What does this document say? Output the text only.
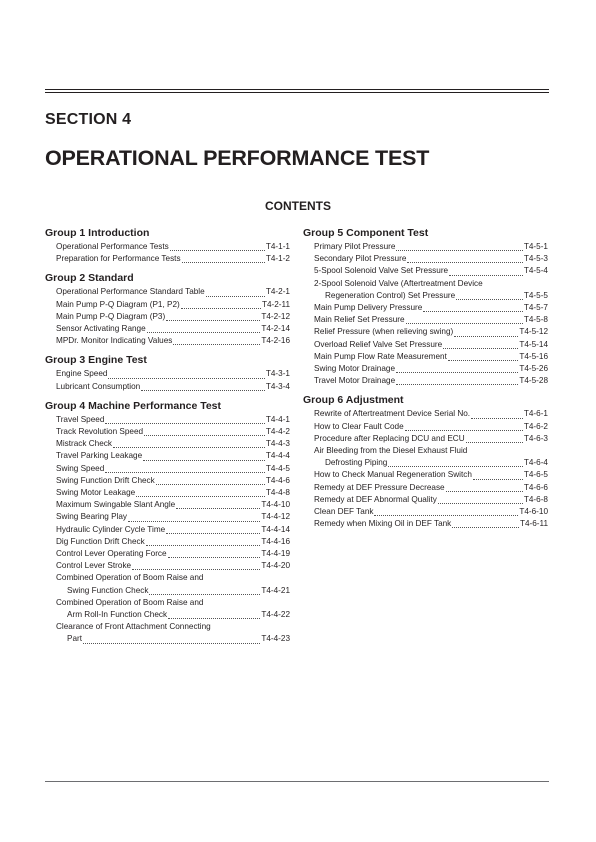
SECTION 4
OPERATIONAL PERFORMANCE TEST
CONTENTS
Group 1 Introduction
Operational Performance Tests	T4-1-1
Preparation for Performance Tests	T4-1-2
Group 2 Standard
Operational Performance Standard Table	T4-2-1
Main Pump P-Q Diagram (P1, P2)	T4-2-11
Main Pump P-Q Diagram (P3)	T4-2-12
Sensor Activating Range	T4-2-14
MPDr. Monitor Indicating Values	T4-2-16
Group 3 Engine Test
Engine Speed	T4-3-1
Lubricant Consumption	T4-3-4
Group 4 Machine Performance Test
Travel Speed	T4-4-1
Track Revolution Speed	T4-4-2
Mistrack Check	T4-4-3
Travel Parking Leakage	T4-4-4
Swing Speed	T4-4-5
Swing Function Drift Check	T4-4-6
Swing Motor Leakage	T4-4-8
Maximum Swingable Slant Angle	T4-4-10
Swing Bearing Play	T4-4-12
Hydraulic Cylinder Cycle Time	T4-4-14
Dig Function Drift Check	T4-4-16
Control Lever Operating Force	T4-4-19
Control Lever Stroke	T4-4-20
Combined Operation of Boom Raise and
Swing Function Check	T4-4-21
Combined Operation of Boom Raise and
Arm Roll-In Function Check	T4-4-22
Clearance of Front Attachment Connecting
Part	T4-4-23
Group 5 Component Test
Primary Pilot Pressure	T4-5-1
Secondary Pilot Pressure	T4-5-3
5-Spool Solenoid Valve Set Pressure	T4-5-4
2-Spool Solenoid Valve (Aftertreatment Device
Regeneration Control) Set Pressure	T4-5-5
Main Pump Delivery Pressure	T4-5-7
Main Relief Set Pressure	T4-5-8
Relief Pressure (when relieving swing)	T4-5-12
Overload Relief Valve Set Pressure	T4-5-14
Main Pump Flow Rate Measurement	T4-5-16
Swing Motor Drainage	T4-5-26
Travel Motor Drainage	T4-5-28
Group 6 Adjustment
Rewrite of Aftertreatment Device Serial No.	T4-6-1
How to Clear Fault Code	T4-6-2
Procedure after Replacing DCU and ECU	T4-6-3
Air Bleeding from the Diesel Exhaust Fluid
Defrosting Piping	T4-6-4
How to Check Manual Regeneration Switch	T4-6-5
Remedy at DEF Pressure Decrease	T4-6-6
Remedy at DEF Abnormal Quality	T4-6-8
Clean DEF Tank	T4-6-10
Remedy when Mixing Oil in DEF Tank	T4-6-11
